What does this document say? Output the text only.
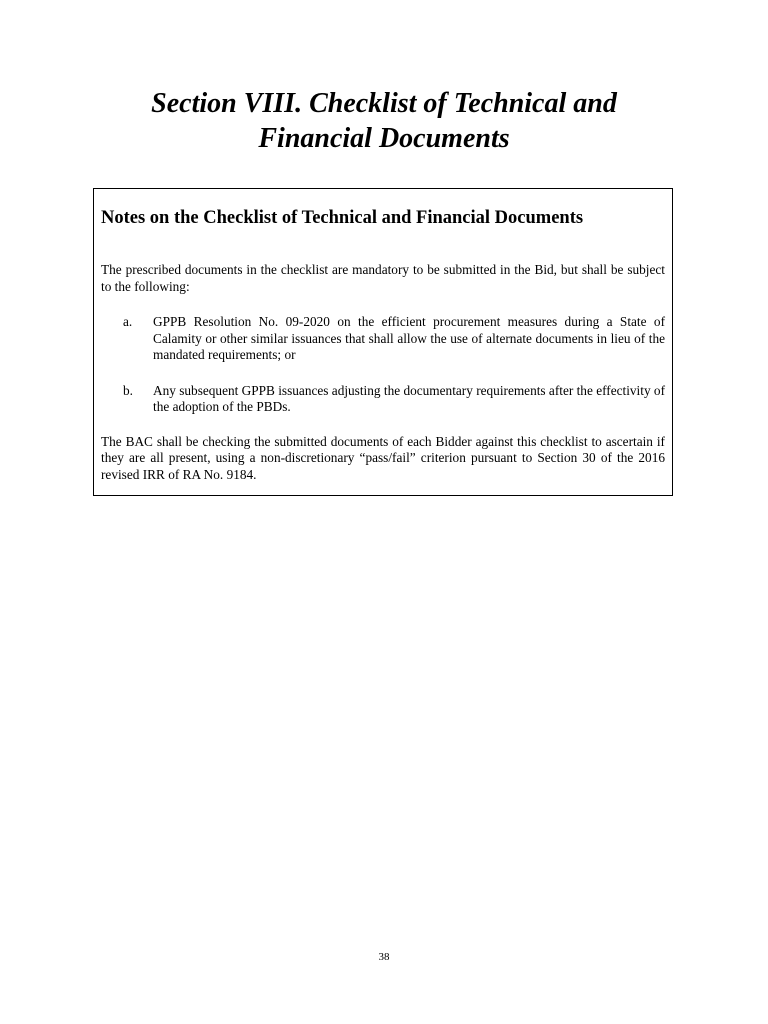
Section VIII. Checklist of Technical and
Financial Documents
Notes on the Checklist of Technical and Financial Documents

The prescribed documents in the checklist are mandatory to be submitted in the Bid, but shall be subject to the following:

a.	GPPB Resolution No. 09-2020 on the efficient procurement measures during a State of Calamity or other similar issuances that shall allow the use of alternate documents in lieu of the mandated requirements; or
b.	Any subsequent GPPB issuances adjusting the documentary requirements after the effectivity of the adoption of the PBDs.

The BAC shall be checking the submitted documents of each Bidder against this checklist to ascertain if they are all present, using a non-discretionary “pass/fail” criterion pursuant to Section 30 of the 2016 revised IRR of RA No. 9184.

38
